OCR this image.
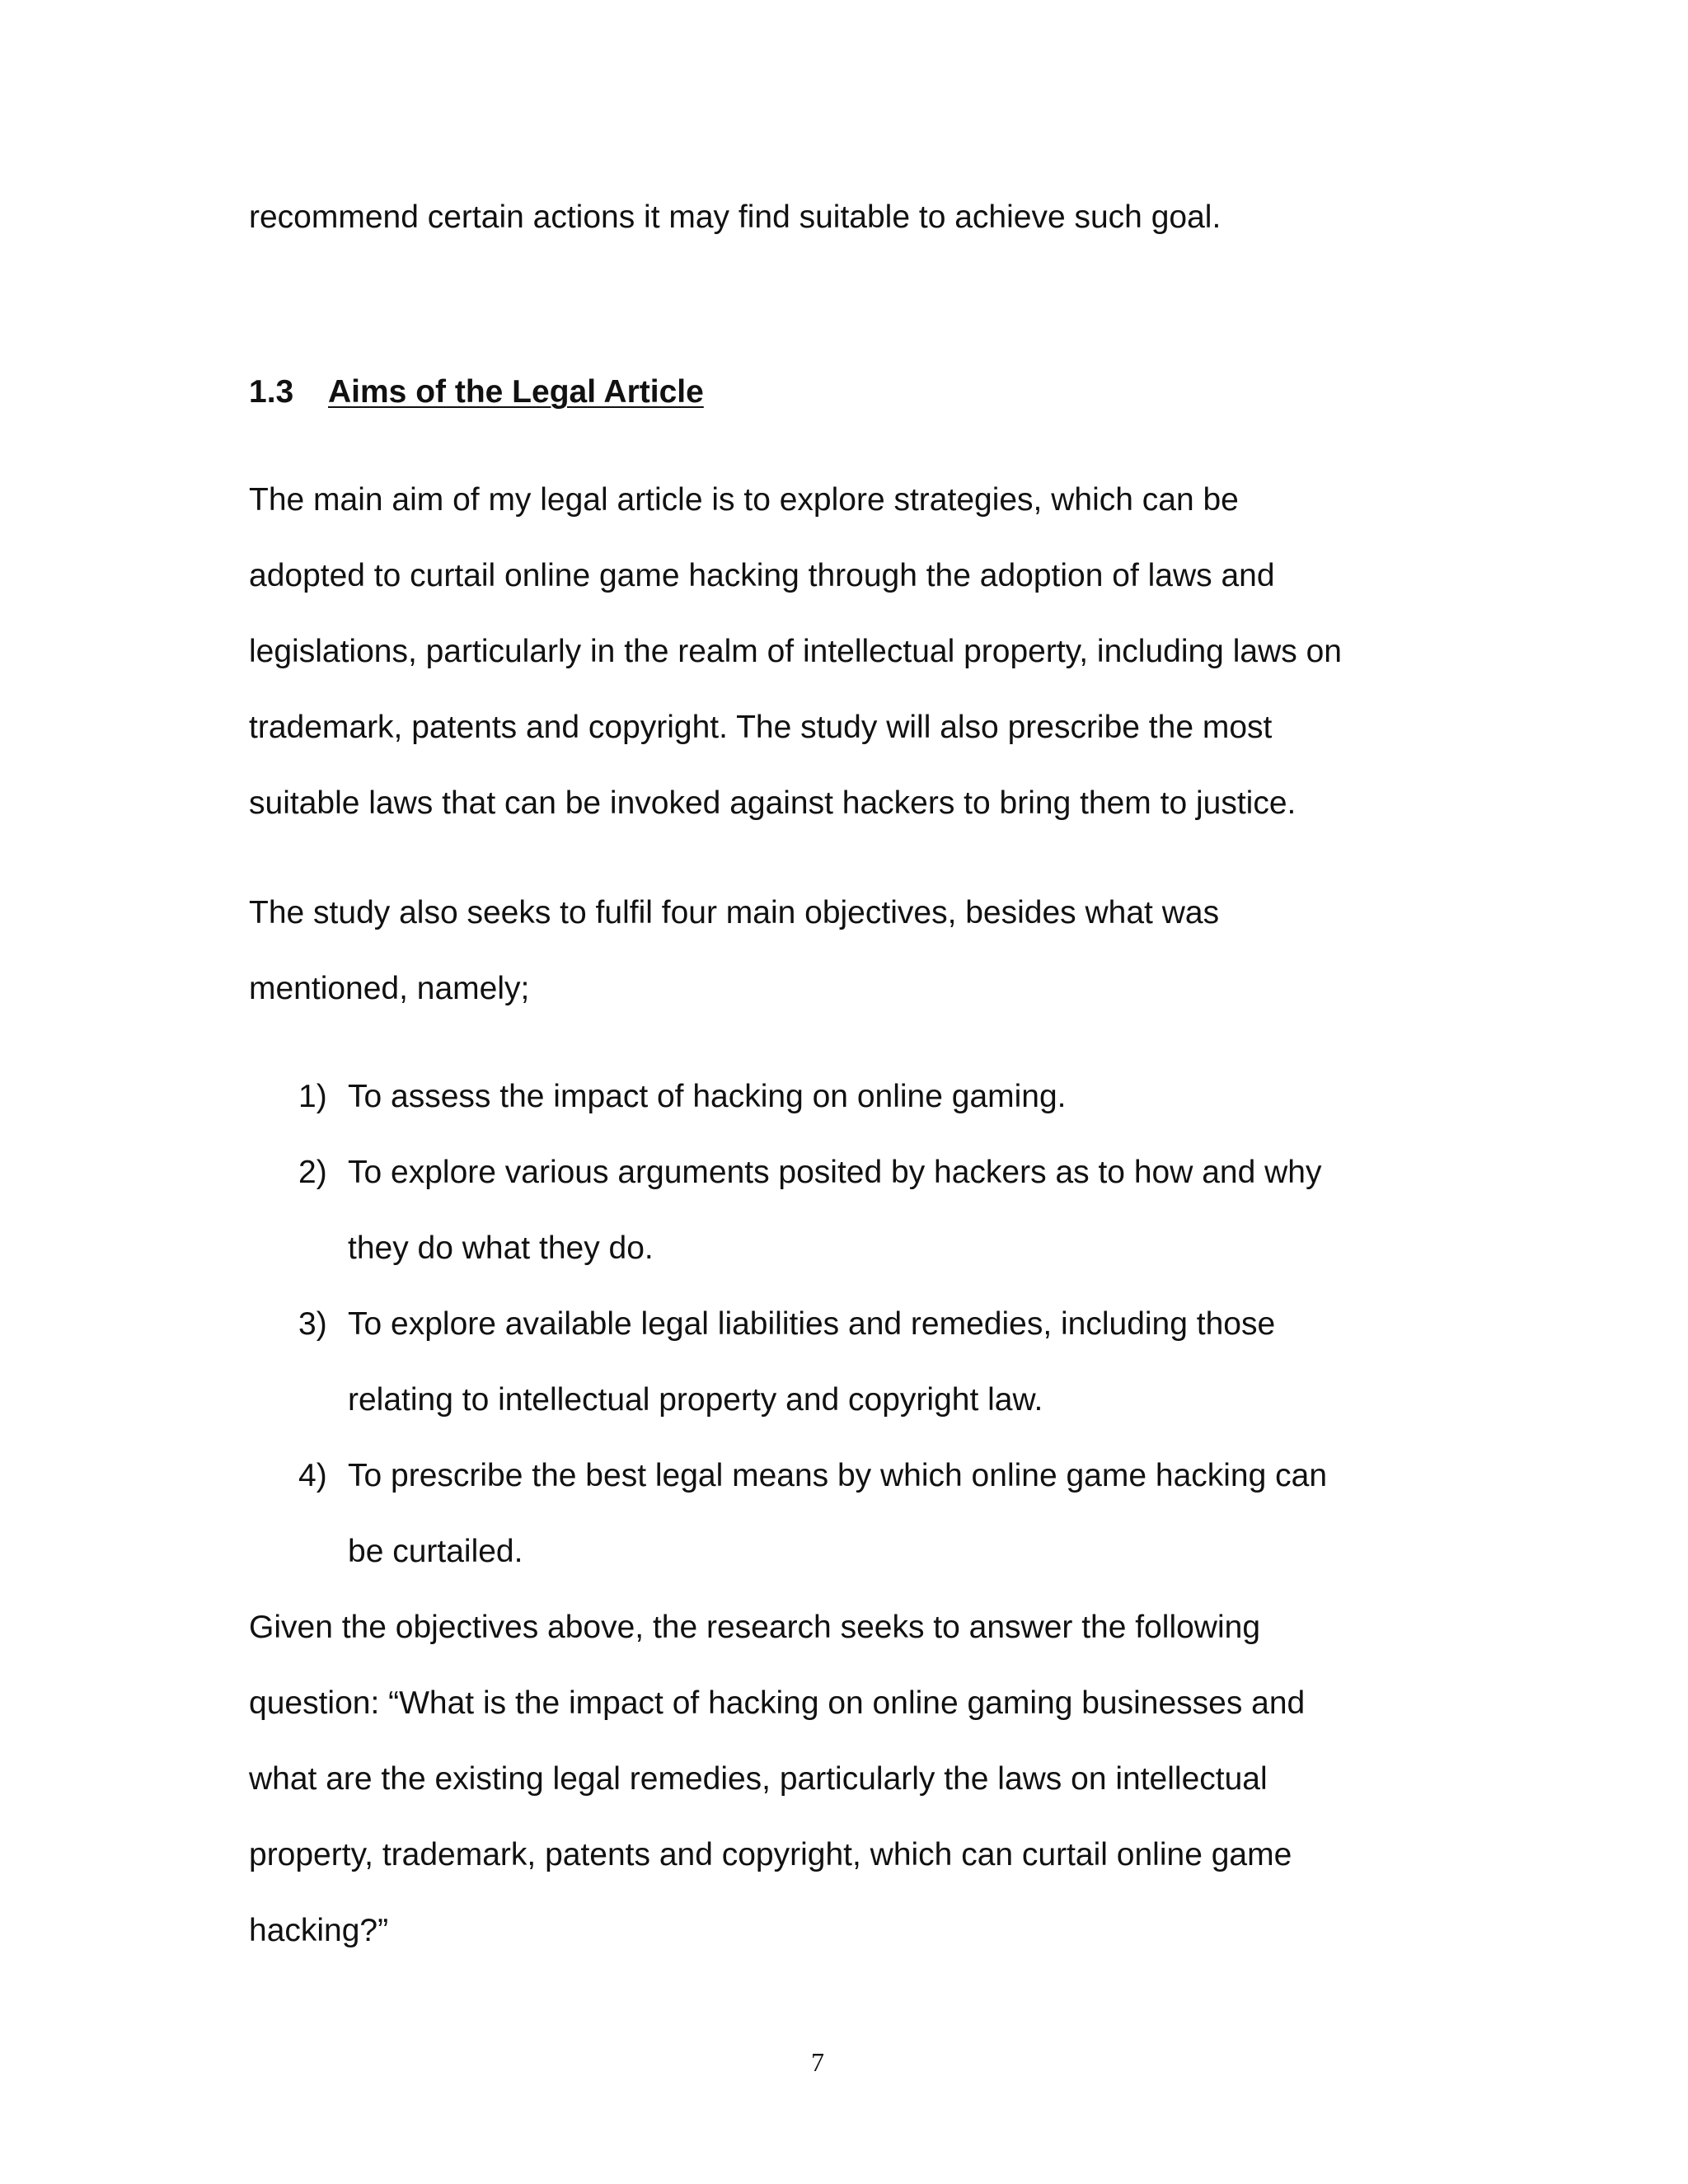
recommend certain actions it may find suitable to achieve such goal.
1.3 Aims of the Legal Article
The main aim of my legal article is to explore strategies, which can be
adopted to curtail online game hacking through the adoption of laws and
legislations, particularly in the realm of intellectual property, including laws on
trademark, patents and copyright. The study will also prescribe the most
suitable laws that can be invoked against hackers to bring them to justice.
The study also seeks to fulfil four main objectives, besides what was
mentioned, namely;
1) To assess the impact of hacking on online gaming.
2) To explore various arguments posited by hackers as to how and why
they do what they do.
3) To explore available legal liabilities and remedies, including those
relating to intellectual property and copyright law.
4) To prescribe the best legal means by which online game hacking can
be curtailed.
Given the objectives above, the research seeks to answer the following
question: “What is the impact of hacking on online gaming businesses and
what are the existing legal remedies, particularly the laws on intellectual
property, trademark, patents and copyright, which can curtail online game
hacking?”
7
